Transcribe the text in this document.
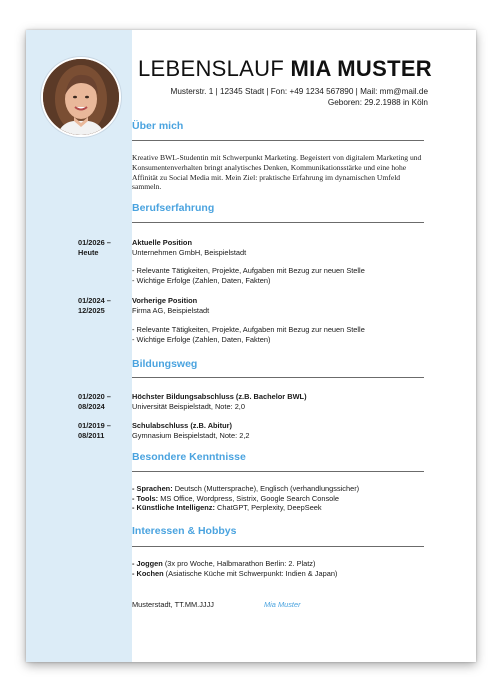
LEBENSLAUF MIA MUSTER
Musterstr. 1 | 12345 Stadt | Fon: +49 1234 567890 | Mail: mm@mail.de
Geboren: 29.2.1988 in Köln
Über mich
Kreative BWL-Studentin mit Schwerpunkt Marketing. Begeistert von digitalem Marketing und Konsumentenverhalten bringt analytisches Denken, Kommunikationsstärke und eine hohe Affinität zu Social Media mit. Mein Ziel: praktische Erfahrung im dynamischen Umfeld sammeln.
Berufserfahrung
01/2026 –
Heute
Aktuelle Position
Unternehmen GmbH, Beispielstadt
- Relevante Tätigkeiten, Projekte, Aufgaben mit Bezug zur neuen Stelle
- Wichtige Erfolge (Zahlen, Daten, Fakten)
01/2024 –
12/2025
Vorherige Position
Firma AG, Beispielstadt
- Relevante Tätigkeiten, Projekte, Aufgaben mit Bezug zur neuen Stelle
- Wichtige Erfolge (Zahlen, Daten, Fakten)
Bildungsweg
01/2020 –
08/2024
Höchster Bildungsabschluss (z.B. Bachelor BWL)
Universität Beispielstadt, Note: 2,0
01/2019 –
08/2011
Schulabschluss (z.B. Abitur)
Gymnasium Beispielstadt, Note: 2,2
Besondere Kenntnisse
- Sprachen: Deutsch (Muttersprache), Englisch (verhandlungssicher)
- Tools: MS Office, Wordpress, Sistrix, Google Search Console
- Künstliche Intelligenz: ChatGPT, Perplexity, DeepSeek
Interessen & Hobbys
- Joggen (3x pro Woche, Halbmarathon Berlin: 2. Platz)
- Kochen (Asiatische Küche mit Schwerpunkt: Indien & Japan)
Musterstadt, TT.MM.JJJJ	Mia Muster
